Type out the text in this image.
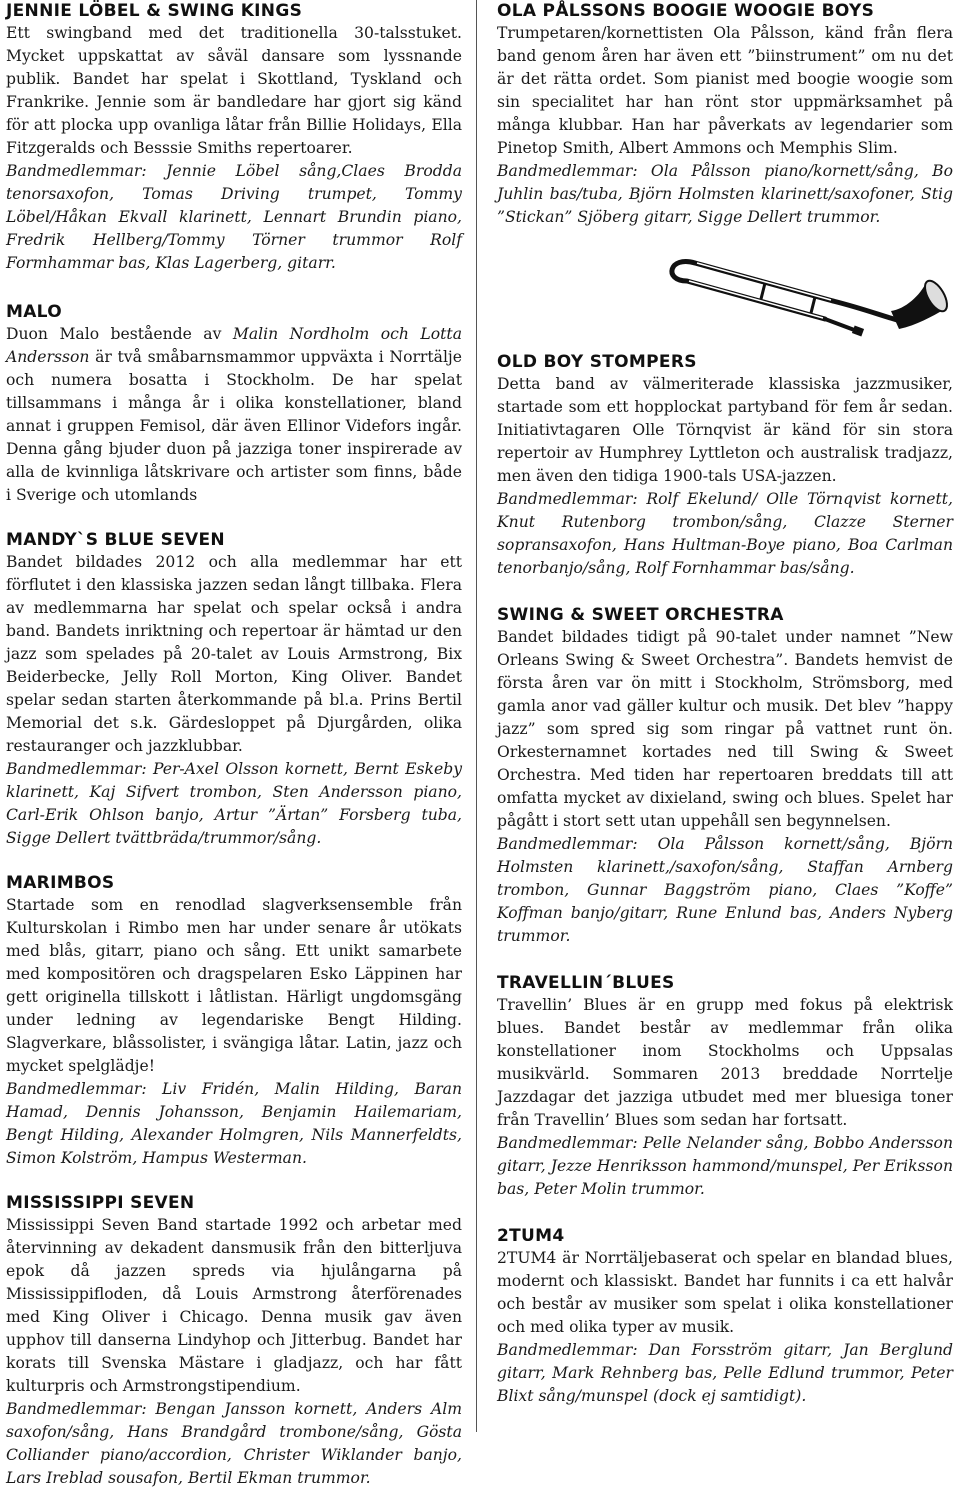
JENNIE LÖBEL & SWING KINGS

Ett swingband med det traditionella 30-talsstuket. Mycket uppskattat av såväl dansare som lyssnande publik. Bandet har spelat i Skottland, Tyskland och Frankrike. Jennie som är bandledare har gjort sig känd för att plocka upp ovanliga låtar från Billie Holidays, Ella Fitzgeralds och Besssie Smiths repertoarer.

Bandmedlemmar: Jennie Löbel sång,Claes Brodda tenorsaxofon, Tomas Driving trumpet, Tommy Löbel/Håkan Ekvall klarinett, Lennart Brundin piano, Fredrik Hellberg/Tommy Törner trummor Rolf Formhammar bas, Klas Lagerberg, gitarr.

MALO

Duon Malo bestående av Malin Nordholm och Lotta Andersson är två småbarnsmammor uppväxta i Norrtälje och numera bosatta i Stockholm. De har spelat tillsammans i många år i olika konstellationer, bland annat i gruppen Femisol, där även Ellinor Videfors ingår. Denna gång bjuder duon på jazziga toner inspirerade av alla de kvinnliga låtskrivare och artister som finns, både i Sverige och utomlands

MANDY`S BLUE SEVEN

Bandet bildades 2012 och alla medlemmar har ett förflutet i den klassiska jazzen sedan långt tillbaka. Flera av medlemmarna har spelat och spelar också i andra band. Bandets inriktning och repertoar är hämtad ur den jazz som spelades på 20-talet av Louis Armstrong, Bix Beiderbecke, Jelly Roll Morton, King Oliver. Bandet spelar sedan starten återkommande på bl.a. Prins Bertil Memorial det s.k. Gärdesloppet på Djurgården, olika restauranger och jazzklubbar.

Bandmedlemmar: Per-Axel Olsson kornett, Bernt Eskeby klarinett, Kaj Sifvert trombon, Sten Andersson piano, Carl-Erik Ohlson banjo, Artur ”Ärtan” Forsberg tuba, Sigge Dellert tvättbräda/trummor/sång.

MARIMBOS

Startade som en renodlad slagverksensemble från Kulturskolan i Rimbo men har under senare år utökats med blås, gitarr, piano och sång. Ett unikt samarbete med kompositören och dragspelaren Esko Läppinen har gett originella tillskott i låtlistan. Härligt ungdomsgäng under ledning av legendariske Bengt Hilding. Slagverkare, blåssolister, i svängiga låtar. Latin, jazz och mycket spelglädje!

Bandmedlemmar: Liv Fridén, Malin Hilding, Baran Hamad, Dennis Johansson, Benjamin Hailemariam, Bengt Hilding, Alexander Holmgren, Nils Mannerfeldts, Simon Kolström, Hampus Westerman.

MISSISSIPPI SEVEN

Mississippi Seven Band startade 1992 och arbetar med återvinning av dekadent dansmusik från den bitterljuva epok då jazzen spreds via hjulångarna på Mississippifloden, då Louis Armstrong återförenades med King Oliver i Chicago. Denna musik gav även upphov till danserna Lindyhop och Jitterbug. Bandet har korats till Svenska Mästare i gladjazz, och har fått kulturpris och Armstrongstipendium.

Bandmedlemmar: Bengan Jansson kornett, Anders Alm saxofon/sång, Hans Brandgård trombone/sång, Gösta Colliander piano/accordion, Christer Wiklander banjo, Lars Ireblad sousafon, Bertil Ekman trummor.

OLA PÅLSSONS BOOGIE WOOGIE BOYS

Trumpetaren/kornettisten Ola Pålsson, känd från flera band genom åren har även ett ”biinstrument” om nu det är det rätta ordet. Som pianist med boogie woogie som sin specialitet har han rönt stor uppmärksamhet på många klubbar. Han har påverkats av legendarier som Pinetop Smith, Albert Ammons och Memphis Slim.

Bandmedlemmar: Ola Pålsson piano/kornett/sång, Bo Juhlin bas/tuba, Björn Holmsten klarinett/saxofoner, Stig ”Stickan” Sjöberg gitarr, Sigge Dellert trummor.

OLD BOY STOMPERS

Detta band av välmeriterade klassiska jazzmusiker, startade som ett hopplockat partyband för fem år sedan. Initiativtagaren Olle Törnqvist är känd för sin stora repertoir av Humphrey Lyttleton och australisk tradjazz, men även den tidiga 1900-tals USA-jazzen.

Bandmedlemmar: Rolf Ekelund/ Olle Törnqvist kornett, Knut Rutenborg trombon/sång, Clazze Sterner sopransaxofon, Hans Hultman-Boye piano, Boa Carlman tenorbanjo/sång, Rolf Fornhammar bas/sång.

SWING & SWEET ORCHESTRA

Bandet bildades tidigt på 90-talet under namnet ”New Orleans Swing & Sweet Orchestra”. Bandets hemvist de första åren var ön mitt i Stockholm, Strömsborg, med gamla anor vad gäller kultur och musik. Det blev ”happy jazz” som spred sig som ringar på vattnet runt ön. Orkesternamnet kortades ned till Swing & Sweet Orchestra. Med tiden har repertoaren breddats till att omfatta mycket av dixieland, swing och blues. Spelet har pågått i stort sett utan uppehåll sen begynnelsen.

Bandmedlemmar: Ola Pålsson kornett/sång, Björn Holmsten klarinett,/saxofon/sång, Staffan Arnberg trombon, Gunnar Baggström piano, Claes ”Koffe” Koffman banjo/gitarr, Rune Enlund bas, Anders Nyberg trummor.

TRAVELLIN´BLUES

Travellin’ Blues är en grupp med fokus på elektrisk blues. Bandet består av medlemmar från olika konstellationer inom Stockholms och Uppsalas musikvärld. Sommaren 2013 breddade Norrtelje Jazzdagar det jazziga utbudet med mer bluesiga toner från Travellin’ Blues som sedan har fortsatt.

Bandmedlemmar: Pelle Nelander sång, Bobbo Andersson gitarr, Jezze Henriksson hammond/munspel, Per Eriksson bas, Peter Molin trummor.

2TUM4

2TUM4 är Norrtäljebaserat och spelar en blandad blues, modernt och klassiskt. Bandet har funnits i ca ett halvår och består av musiker som spelat i olika konstellationer och med olika typer av musik.

Bandmedlemmar: Dan Forsström gitarr, Jan Berglund gitarr, Mark Rehnberg bas, Pelle Edlund trummor, Peter Blixt sång/munspel (dock ej samtidigt).
